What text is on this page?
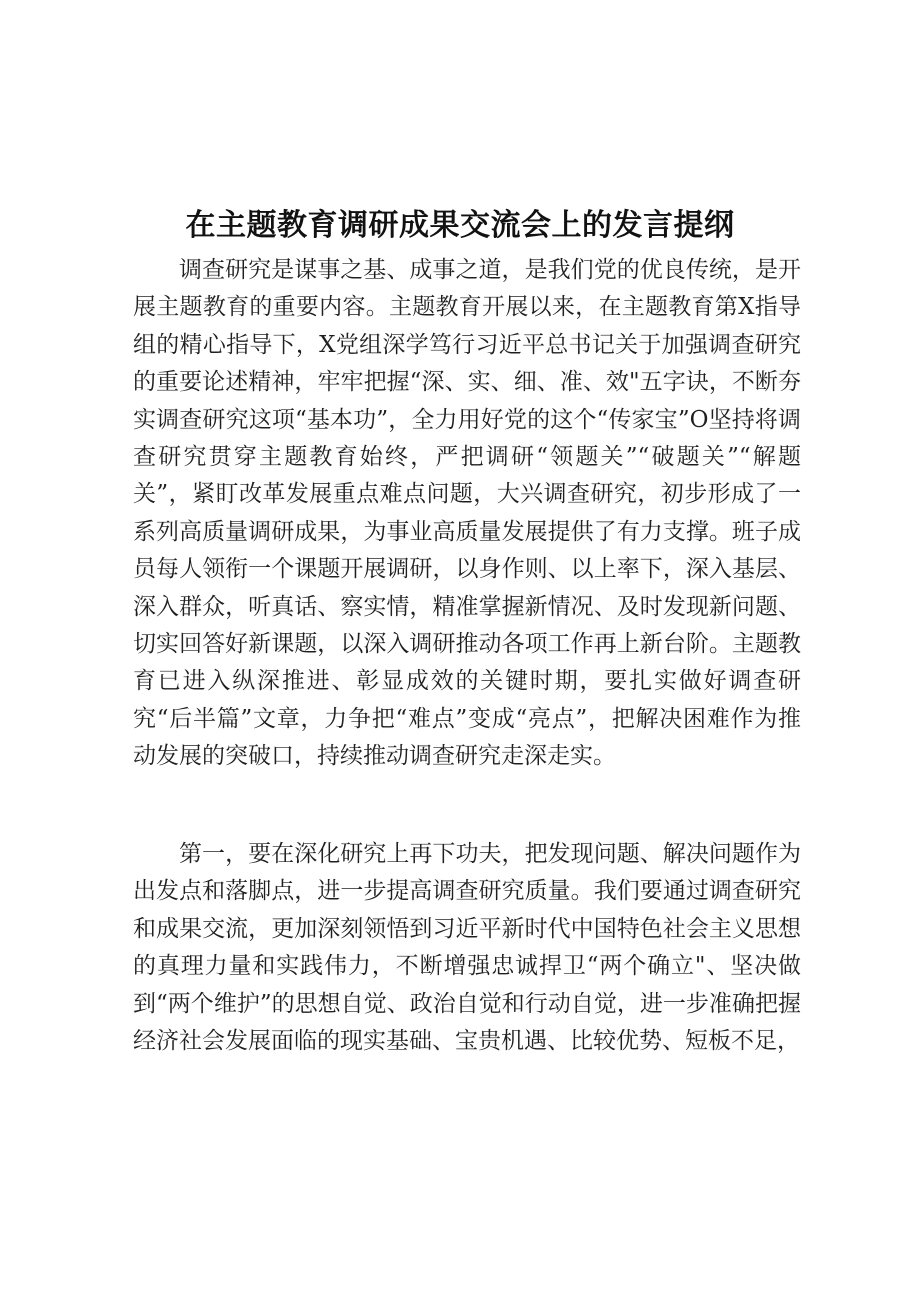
在主题教育调研成果交流会上的发言提纲

调查研究是谋事之基、成事之道，是我们党的优良传统，是开展主题教育的重要内容。主题教育开展以来，在主题教育第X指导组的精心指导下，X党组深学笃行习近平总书记关于加强调查研究的重要论述精神，牢牢把握“深、实、细、准、效"五字诀，不断夯实调查研究这项“基本功”，全力用好党的这个“传家宝”O坚持将调查研究贯穿主题教育始终，严把调研“领题关”“破题关”“解题关”，紧盯改革发展重点难点问题，大兴调查研究，初步形成了一系列高质量调研成果，为事业高质量发展提供了有力支撑。班子成员每人领衔一个课题开展调研，以身作则、以上率下，深入基层、深入群众，听真话、察实情，精准掌握新情况、及时发现新问题、切实回答好新课题，以深入调研推动各项工作再上新台阶。主题教育已进入纵深推进、彰显成效的关键时期，要扎实做好调查研究“后半篇”文章，力争把“难点”变成“亮点”，把解决困难作为推动发展的突破口，持续推动调查研究走深走实。

第一，要在深化研究上再下功夫，把发现问题、解决问题作为出发点和落脚点，进一步提高调查研究质量。我们要通过调查研究和成果交流，更加深刻领悟到习近平新时代中国特色社会主义思想的真理力量和实践伟力，不断增强忠诚捍卫“两个确立"、坚决做到“两个维护”的思想自觉、政治自觉和行动自觉，进一步准确把握经济社会发展面临的现实基础、宝贵机遇、比较优势、短板不足，
